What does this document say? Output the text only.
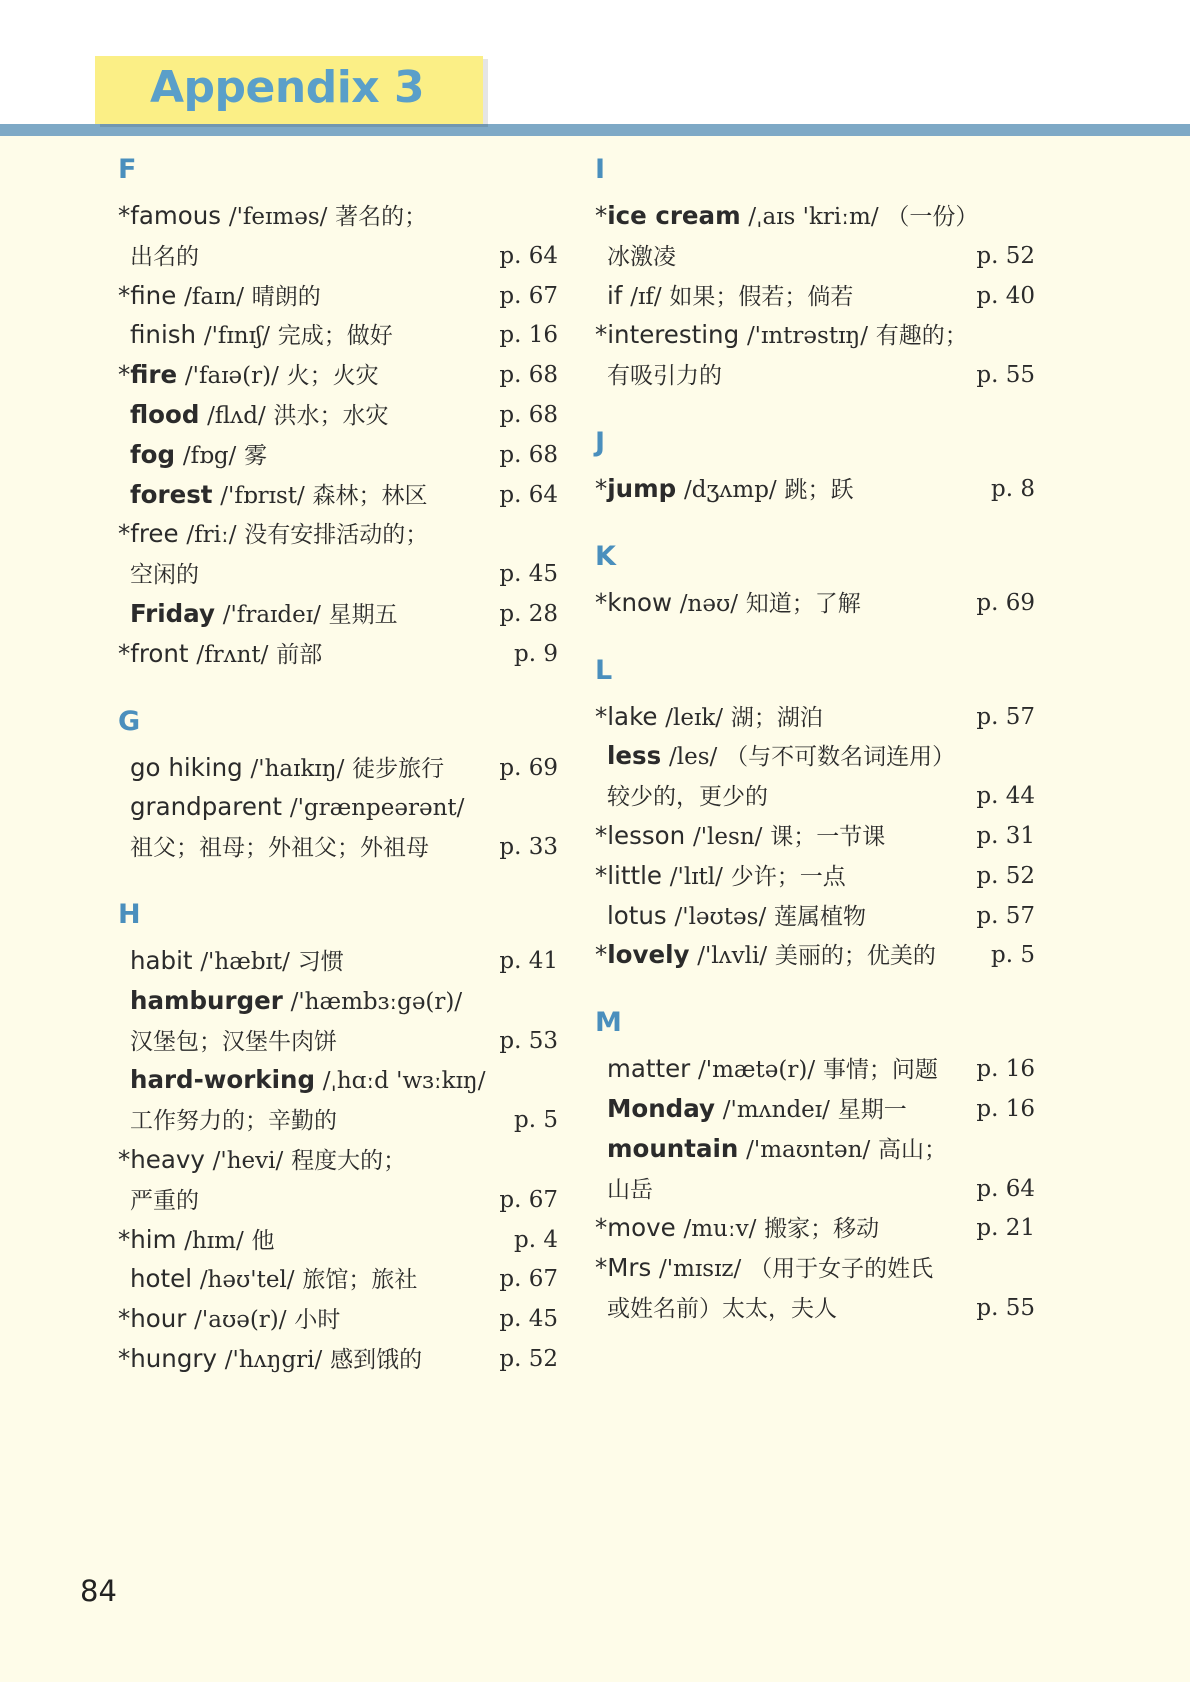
Appendix 3
F
*famous /'feɪməs/ 著名的；
出名的	p. 64
*fine /faɪn/ 晴朗的	p. 67
finish /'fɪnɪʃ/ 完成；做好	p. 16
*fire /'faɪə(r)/ 火；火灾	p. 68
flood /flʌd/ 洪水；水灾	p. 68
fog /fɒg/ 雾	p. 68
forest /'fɒrɪst/ 森林；林区	p. 64
*free /friː/ 没有安排活动的；
空闲的	p. 45
Friday /'fraɪdeɪ/ 星期五	p. 28
*front /frʌnt/ 前部	p. 9
G
go hiking /'haɪkɪŋ/ 徒步旅行 p. 69
grandparent /'grænpeərənt/
祖父；祖母；外祖父；外祖母	p. 33
H
habit /'hæbɪt/ 习惯	p. 41
hamburger /'hæmbɜːgə(r)/
汉堡包；汉堡牛肉饼	p. 53
hard-working /ˌhɑːd 'wɜːkɪŋ/
工作努力的；辛勤的	p. 5
*heavy /'hevi/ 程度大的；
严重的	p. 67
*him /hɪm/ 他	p. 4
hotel /həʊ'tel/ 旅馆；旅社	p. 67
*hour /'aʊə(r)/ 小时	p. 45
*hungry /'hʌŋgri/ 感到饿的	p. 52
I
*ice cream /ˌaɪs 'kriːm/ （一份）
冰激凌	p. 52
if /ɪf/ 如果；假若；倘若	p. 40
*interesting /'ɪntrəstɪŋ/ 有趣的；
有吸引力的	p. 55
J
*jump /dʒʌmp/ 跳；跃	p. 8
K
*know /nəʊ/ 知道；了解	p. 69
L
*lake /leɪk/ 湖；湖泊	p. 57
less /les/ （与不可数名词连用）
较少的，更少的	p. 44
*lesson /'lesn/ 课；一节课	p. 31
*little /'lɪtl/ 少许；一点	p. 52
lotus /'ləʊtəs/ 莲属植物	p. 57
*lovely /'lʌvli/ 美丽的；优美的 p. 5
M
matter /'mætə(r)/ 事情；问题 p. 16
Monday /'mʌndeɪ/ 星期一	p. 16
mountain /'maʊntən/ 高山；
山岳	p. 64
*move /muːv/ 搬家；移动	p. 21
*Mrs /'mɪsɪz/ （用于女子的姓氏
或姓名前）太太，夫人	p. 55
84
